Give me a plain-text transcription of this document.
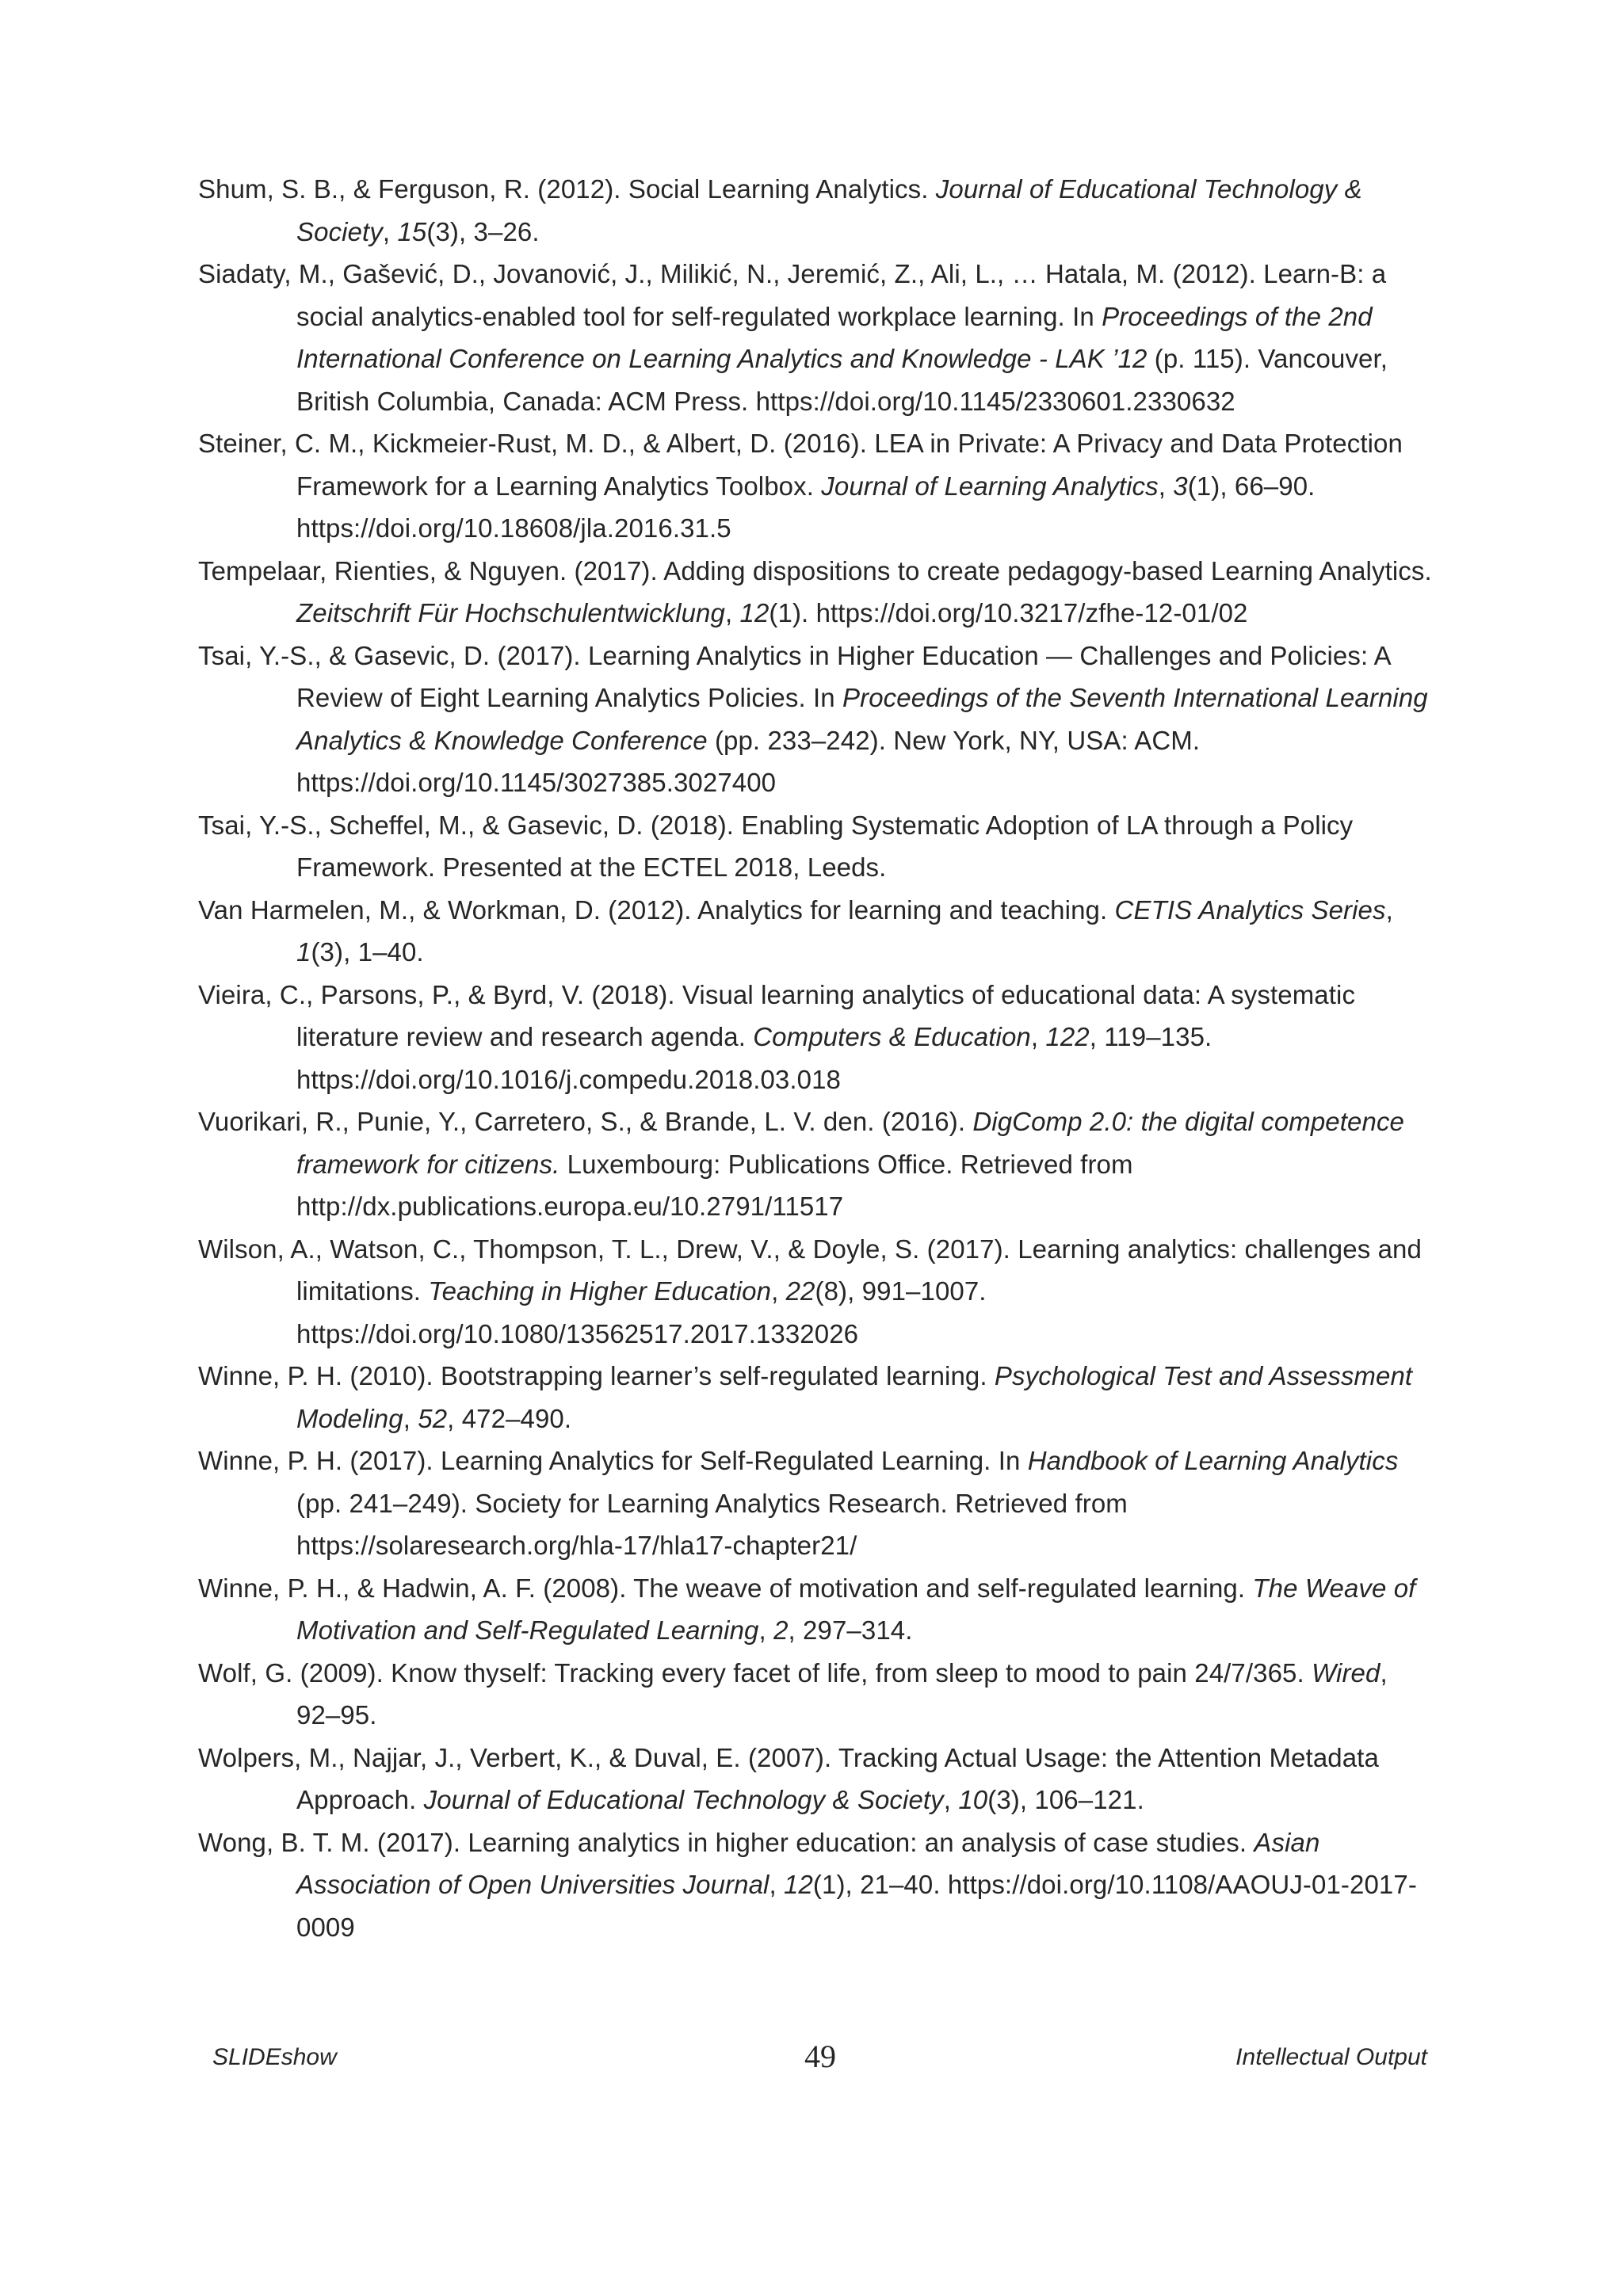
Shum, S. B., & Ferguson, R. (2012). Social Learning Analytics. Journal of Educational Technology & Society, 15(3), 3–26.
Siadaty, M., Gašević, D., Jovanović, J., Milikić, N., Jeremić, Z., Ali, L., … Hatala, M. (2012). Learn-B: a social analytics-enabled tool for self-regulated workplace learning. In Proceedings of the 2nd International Conference on Learning Analytics and Knowledge - LAK ’12 (p. 115). Vancouver, British Columbia, Canada: ACM Press. https://doi.org/10.1145/2330601.2330632
Steiner, C. M., Kickmeier-Rust, M. D., & Albert, D. (2016). LEA in Private: A Privacy and Data Protection Framework for a Learning Analytics Toolbox. Journal of Learning Analytics, 3(1), 66–90. https://doi.org/10.18608/jla.2016.31.5
Tempelaar, Rienties, & Nguyen. (2017). Adding dispositions to create pedagogy-based Learning Analytics. Zeitschrift Für Hochschulentwicklung, 12(1). https://doi.org/10.3217/zfhe-12-01/02
Tsai, Y.-S., & Gasevic, D. (2017). Learning Analytics in Higher Education — Challenges and Policies: A Review of Eight Learning Analytics Policies. In Proceedings of the Seventh International Learning Analytics & Knowledge Conference (pp. 233–242). New York, NY, USA: ACM. https://doi.org/10.1145/3027385.3027400
Tsai, Y.-S., Scheffel, M., & Gasevic, D. (2018). Enabling Systematic Adoption of LA through a Policy Framework. Presented at the ECTEL 2018, Leeds.
Van Harmelen, M., & Workman, D. (2012). Analytics for learning and teaching. CETIS Analytics Series, 1(3), 1–40.
Vieira, C., Parsons, P., & Byrd, V. (2018). Visual learning analytics of educational data: A systematic literature review and research agenda. Computers & Education, 122, 119–135. https://doi.org/10.1016/j.compedu.2018.03.018
Vuorikari, R., Punie, Y., Carretero, S., & Brande, L. V. den. (2016). DigComp 2.0: the digital competence framework for citizens. Luxembourg: Publications Office. Retrieved from http://dx.publications.europa.eu/10.2791/11517
Wilson, A., Watson, C., Thompson, T. L., Drew, V., & Doyle, S. (2017). Learning analytics: challenges and limitations. Teaching in Higher Education, 22(8), 991–1007. https://doi.org/10.1080/13562517.2017.1332026
Winne, P. H. (2010). Bootstrapping learner’s self-regulated learning. Psychological Test and Assessment Modeling, 52, 472–490.
Winne, P. H. (2017). Learning Analytics for Self-Regulated Learning. In Handbook of Learning Analytics (pp. 241–249). Society for Learning Analytics Research. Retrieved from https://solaresearch.org/hla-17/hla17-chapter21/
Winne, P. H., & Hadwin, A. F. (2008). The weave of motivation and self-regulated learning. The Weave of Motivation and Self-Regulated Learning, 2, 297–314.
Wolf, G. (2009). Know thyself: Tracking every facet of life, from sleep to mood to pain 24/7/365. Wired, 92–95.
Wolpers, M., Najjar, J., Verbert, K., & Duval, E. (2007). Tracking Actual Usage: the Attention Metadata Approach. Journal of Educational Technology & Society, 10(3), 106–121.
Wong, B. T. M. (2017). Learning analytics in higher education: an analysis of case studies. Asian Association of Open Universities Journal, 12(1), 21–40. https://doi.org/10.1108/AAOUJ-01-2017-0009
SLIDEshow	49	Intellectual Output
